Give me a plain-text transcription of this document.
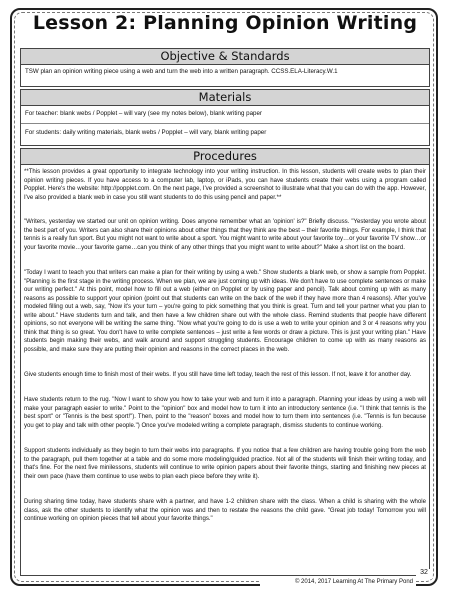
Lesson 2: Planning Opinion Writing
Objective & Standards
TSW plan an opinion writing piece using a web and turn the web into a written paragraph. CCSS.ELA-Literacy.W.1
Materials
For teacher: blank webs / Popplet – will vary (see my notes below), blank writing paper
For students: daily writing materials, blank webs / Popplet – will vary, blank writing paper
Procedures
**This lesson provides a great opportunity to integrate technology into your writing instruction. In this lesson, students will create webs to plan their opinion writing pieces. If you have access to a computer lab, laptop, or iPads, you can have students create their webs using a program called Popplet. Here's the website: http://popplet.com. On the next page, I've provided a screenshot to illustrate what that you can do with the app. However, I've also provided a blank web in case you still want students to do this using pencil and paper.**
"Writers, yesterday we started our unit on opinion writing. Does anyone remember what an 'opinion' is?" Briefly discuss. "Yesterday you wrote about the best part of you. Writers can also share their opinions about other things that they think are the best – their favorite things. For example, I think that tennis is a really fun sport. But you might not want to write about a sport. You might want to write about your favorite toy…or your favorite TV show…or your favorite movie…your favorite game…can you think of any other things that you might want to write about?" Make a short list on the board.
"Today I want to teach you that writers can make a plan for their writing by using a web." Show students a blank web, or show a sample from Popplet. "Planning is the first stage in the writing process. When we plan, we are just coming up with ideas. We don't have to use complete sentences or make our writing perfect." At this point, model how to fill out a web (either on Popplet or by using paper and pencil). Talk about coming up with as many reasons as possible to support your opinion (point out that students can write on the back of the web if they have more than 4 reasons). After you've modeled filling out a web, say, "Now it's your turn – you're going to pick something that you think is great. Turn and tell your partner what you plan to write about." Have students turn and talk, and then have a few children share out with the whole class. Remind students that people have different opinions, so not everyone will be writing the same thing. "Now what you're going to do is use a web to write your opinion and 3 or 4 reasons why you think that thing is so great. You don't have to write complete sentences – just write a few words or draw a picture. This is just your writing plan." Have students begin making their webs, and walk around and support struggling students. Encourage children to come up with as many reasons as possible, and make sure they are putting their opinion and reasons in the correct places in the web.
Give students enough time to finish most of their webs. If you still have time left today, teach the rest of this lesson. If not, leave it for another day.
Have students return to the rug. "Now I want to show you how to take your web and turn it into a paragraph. Planning your ideas by using a web will make your paragraph easier to write." Point to the "opinion" box and model how to turn it into an introductory sentence (i.e. "I think that tennis is the best sport" or "Tennis is the best sport!"). Then, point to the "reason" boxes and model how to turn them into sentences (i.e. "Tennis is fun because you get to play and talk with other people.") Once you've modeled writing a complete paragraph, dismiss students to continue working.
Support students individually as they begin to turn their webs into paragraphs. If you notice that a few children are having trouble going from the web to the paragraph, pull them together at a table and do some more modeling/guided practice. Not all of the students will finish their writing today, and that's fine. For the next five minilessons, students will continue to write opinion papers about their favorite things, starting and finishing new pieces at their own pace (have them continue to use webs to plan each piece before they write it).
During sharing time today, have students share with a partner, and have 1-2 children share with the class. When a child is sharing with the whole class, ask the other students to identify what the opinion was and then to restate the reasons the child gave. "Great job today! Tomorrow you will continue working on opinion pieces that tell about your favorite things."
32
© 2014, 2017 Learning At The Primary Pond
